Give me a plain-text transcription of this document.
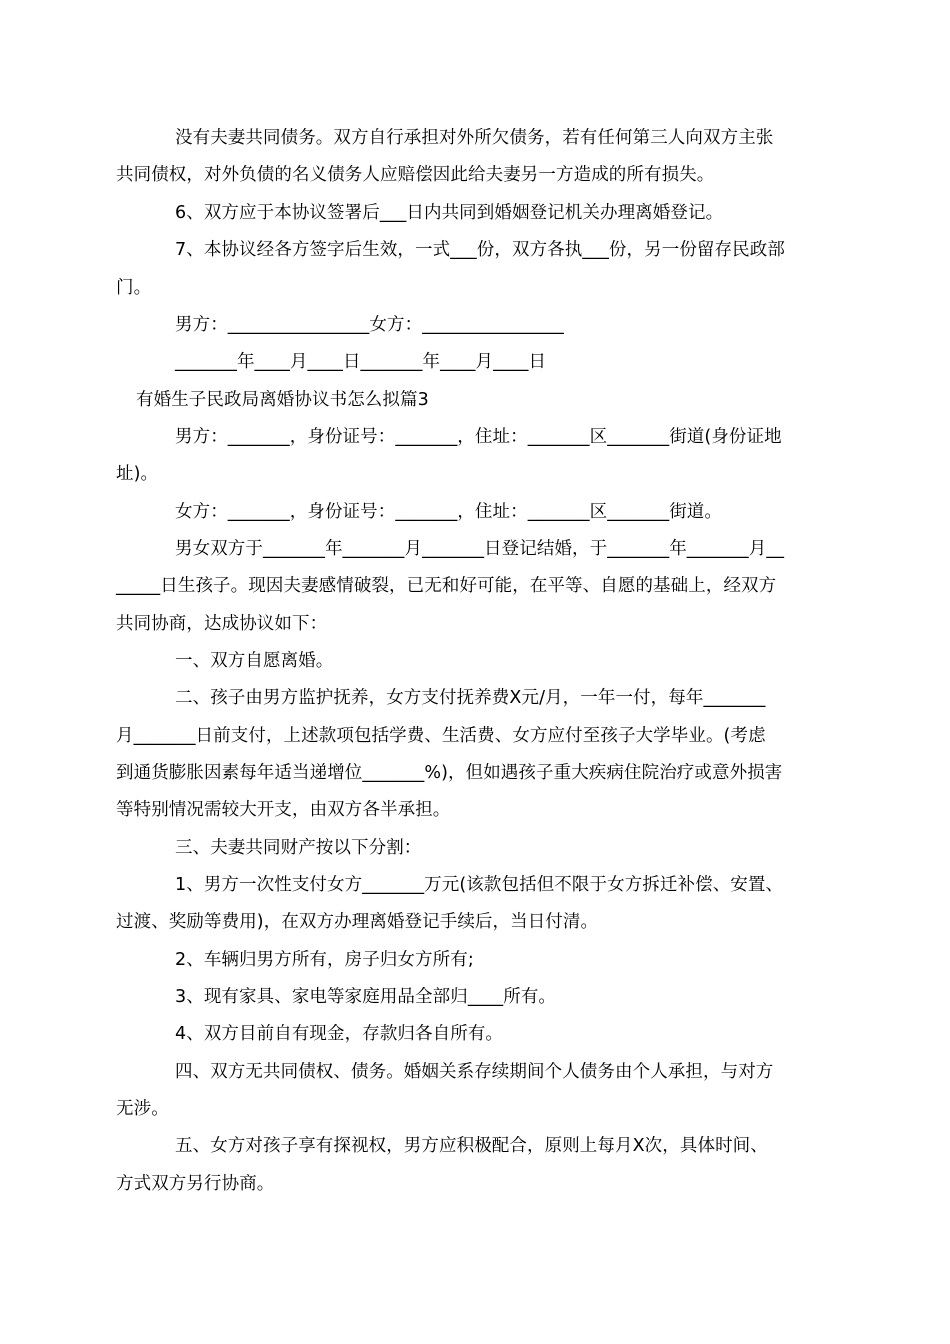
没有夫妻共同债务。双方自行承担对外所欠债务，若有任何第三人向双方主张
共同债权，对外负债的名义债务人应赔偿因此给夫妻另一方造成的所有损失。
6、双方应于本协议签署后___日内共同到婚姻登记机关办理离婚登记。
7、本协议经各方签字后生效，一式___份，双方各执___份，另一份留存民政部
门。
男方：________________女方：________________
_______年____月____日_______年____月____日
有婚生子民政局离婚协议书怎么拟篇3
男方：_______，身份证号：_______，住址：_______区_______街道(身份证地
址)。
女方：_______，身份证号：_______，住址：_______区_______街道。
男女双方于_______年_______月_______日登记结婚，于_______年_______月__
_____日生孩子。现因夫妻感情破裂，已无和好可能，在平等、自愿的基础上，经双方
共同协商，达成协议如下：
一、双方自愿离婚。
二、孩子由男方监护抚养，女方支付抚养费X元/月，一年一付，每年_______
月_______日前支付，上述款项包括学费、生活费、女方应付至孩子大学毕业。(考虑
到通货膨胀因素每年适当递增位_______%)，但如遇孩子重大疾病住院治疗或意外损害
等特别情况需较大开支，由双方各半承担。
三、夫妻共同财产按以下分割：
1、男方一次性支付女方_______万元(该款包括但不限于女方拆迁补偿、安置、
过渡、奖励等费用)，在双方办理离婚登记手续后，当日付清。
2、车辆归男方所有，房子归女方所有;
3、现有家具、家电等家庭用品全部归____所有。
4、双方目前自有现金，存款归各自所有。
四、双方无共同债权、债务。婚姻关系存续期间个人债务由个人承担，与对方
无涉。
五、女方对孩子享有探视权，男方应积极配合，原则上每月X次，具体时间、
方式双方另行协商。
